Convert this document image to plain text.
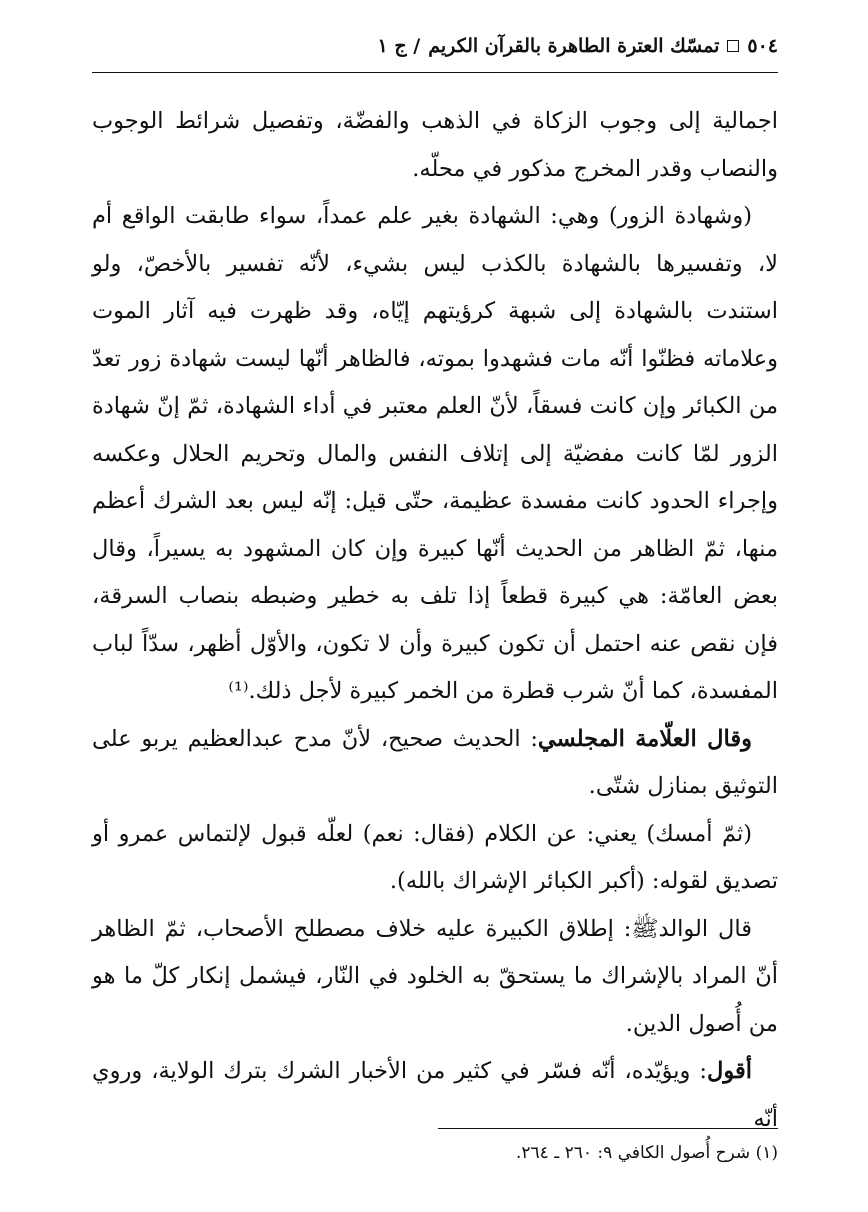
٥٠٤
تمسّك العترة الطاهرة بالقرآن الكريم
/ ج ١

اجمالية إلى وجوب الزكاة في الذهب والفضّة، وتفصيل شرائط الوجوب والنصاب وقدر المخرج مذكور في محلّه.

(وشهادة الزور) وهي: الشهادة بغير علم عمداً، سواء طابقت الواقع أم لا، وتفسيرها بالشهادة بالكذب ليس بشيء، لأنّه تفسير بالأخصّ، ولو استندت بالشهادة إلى شبهة كرؤيتهم إيّاه، وقد ظهرت فيه آثار الموت وعلاماته فظنّوا أنّه مات فشهدوا بموته، فالظاهر أنّها ليست شهادة زور تعدّ من الكبائر وإن كانت فسقاً، لأنّ العلم معتبر في أداء الشهادة، ثمّ إنّ شهادة الزور لمّا كانت مفضيّة إلى إتلاف النفس والمال وتحريم الحلال وعكسه وإجراء الحدود كانت مفسدة عظيمة، حتّى قيل: إنّه ليس بعد الشرك أعظم منها، ثمّ الظاهر من الحديث أنّها كبيرة وإن كان المشهود به يسيراً، وقال بعض العامّة: هي كبيرة قطعاً إذا تلف به خطير وضبطه بنصاب السرقة، فإن نقص عنه احتمل أن تكون كبيرة وأن لا تكون، والأوّل أظهر، سدّاً لباب المفسدة، كما أنّ شرب قطرة من الخمر كبيرة لأجل ذلك.⁽¹⁾

وقال العلّامة المجلسي: الحديث صحيح، لأنّ مدح عبدالعظيم يربو على التوثيق بمنازل شتّى.

(ثمّ أمسك) يعني: عن الكلام (فقال: نعم) لعلّه قبول لإلتماس عمرو أو تصديق لقوله: (أكبر الكبائر الإشراك بالله).

قال الوالدﷺ: إطلاق الكبيرة عليه خلاف مصطلح الأصحاب، ثمّ الظاهر أنّ المراد بالإشراك ما يستحقّ به الخلود في النّار، فيشمل إنكار كلّ ما هو من أُصول الدين.

أقول: ويؤيّده، أنّه فسّر في كثير من الأخبار الشرك بترك الولاية، وروي أنّه

(١) شرح أُصول الكافي ٩: ٢٦٠ ـ ٢٦٤.
